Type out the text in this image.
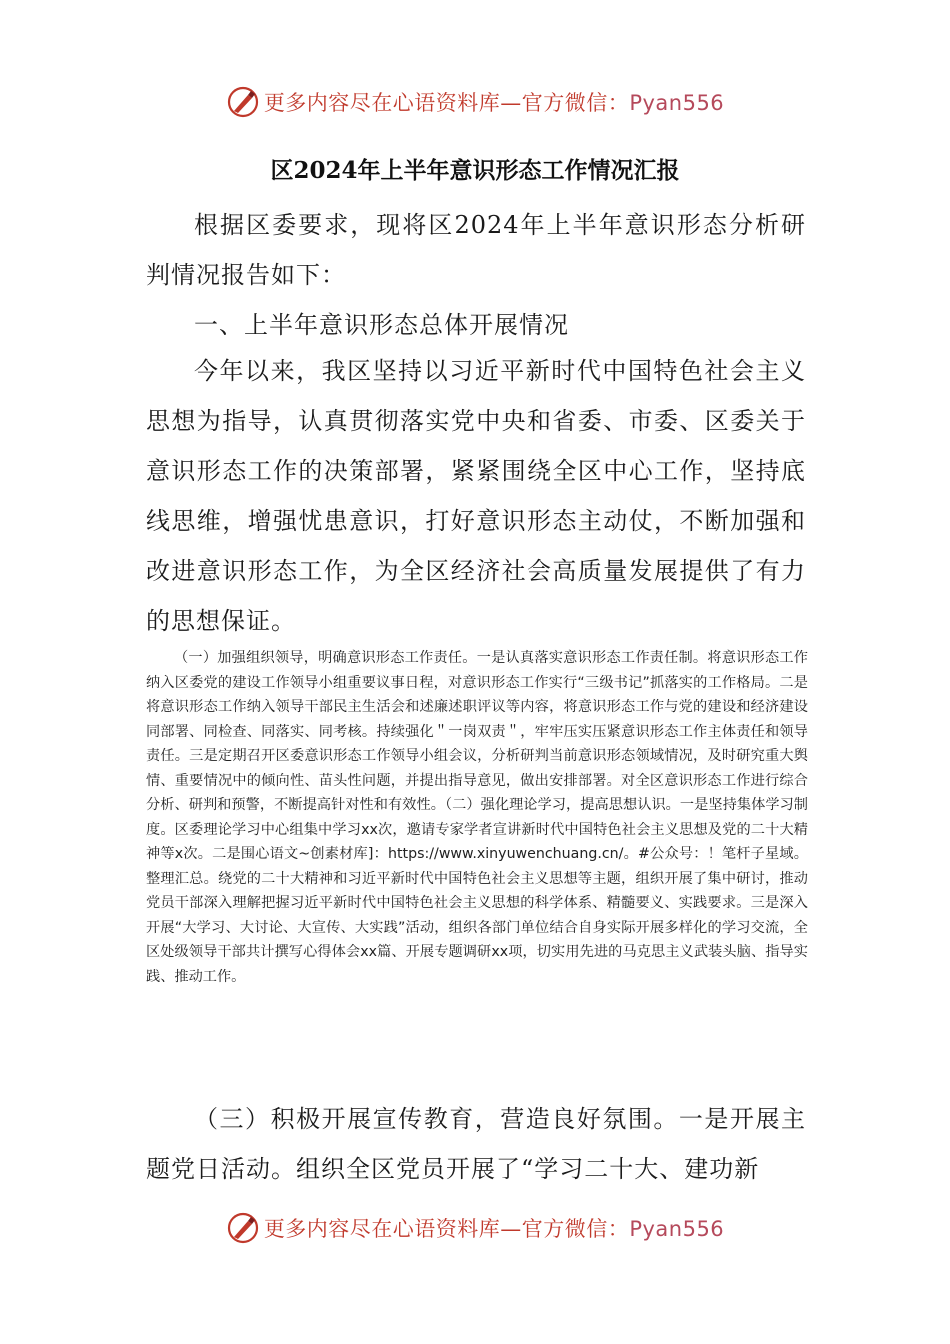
更多内容尽在心语资料库—官方微信：Pyan556
区2024年上半年意识形态工作情况汇报

根据区委要求，现将区2024年上半年意识形态分析研判情况报告如下：

一、上半年意识形态总体开展情况

今年以来，我区坚持以习近平新时代中国特色社会主义思想为指导，认真贯彻落实党中央和省委、市委、区委关于意识形态工作的决策部署，紧紧围绕全区中心工作，坚持底线思维，增强忧患意识，打好意识形态主动仗，不断加强和改进意识形态工作，为全区经济社会高质量发展提供了有力的思想保证。

（一）加强组织领导，明确意识形态工作责任。一是认真落实意识形态工作责任制。将意识形态工作纳入区委党的建设工作领导小组重要议事日程，对意识形态工作实行“三级书记”抓落实的工作格局。二是将意识形态工作纳入领导干部民主生活会和述廉述职评议等内容，将意识形态工作与党的建设和经济建设同部署、同检查、同落实、同考核。持续强化＂一岗双责＂，牢牢压实压紧意识形态工作主体责任和领导责任。三是定期召开区委意识形态工作领导小组会议，分析研判当前意识形态领域情况，及时研究重大舆情、重要情况中的倾向性、苗头性问题，并提出指导意见，做出安排部署。对全区意识形态工作进行综合分析、研判和预警，不断提高针对性和有效性。（二）强化理论学习，提高思想认识。一是坚持集体学习制度。区委理论学习中心组集中学习xx次，邀请专家学者宣讲新时代中国特色社会主义思想及党的二十大精神等x次。二是围心语文~创素材库]：https://www.xinyuwenchuang.cn/。#公众号：！笔杆子星域。整理汇总。绕党的二十大精神和习近平新时代中国特色社会主义思想等主题，组织开展了集中研讨，推动党员干部深入理解把握习近平新时代中国特色社会主义思想的科学体系、精髓要义、实践要求。三是深入开展“大学习、大讨论、大宣传、大实践”活动，组织各部门单位结合自身实际开展多样化的学习交流，全区处级领导干部共计撰写心得体会xx篇、开展专题调研xx项，切实用先进的马克思主义武装头脑、指导实践、推动工作。

（三）积极开展宣传教育，营造良好氛围。一是开展主题党日活动。组织全区党员开展了“学习二十大、建功新

更多内容尽在心语资料库—官方微信：Pyan556
